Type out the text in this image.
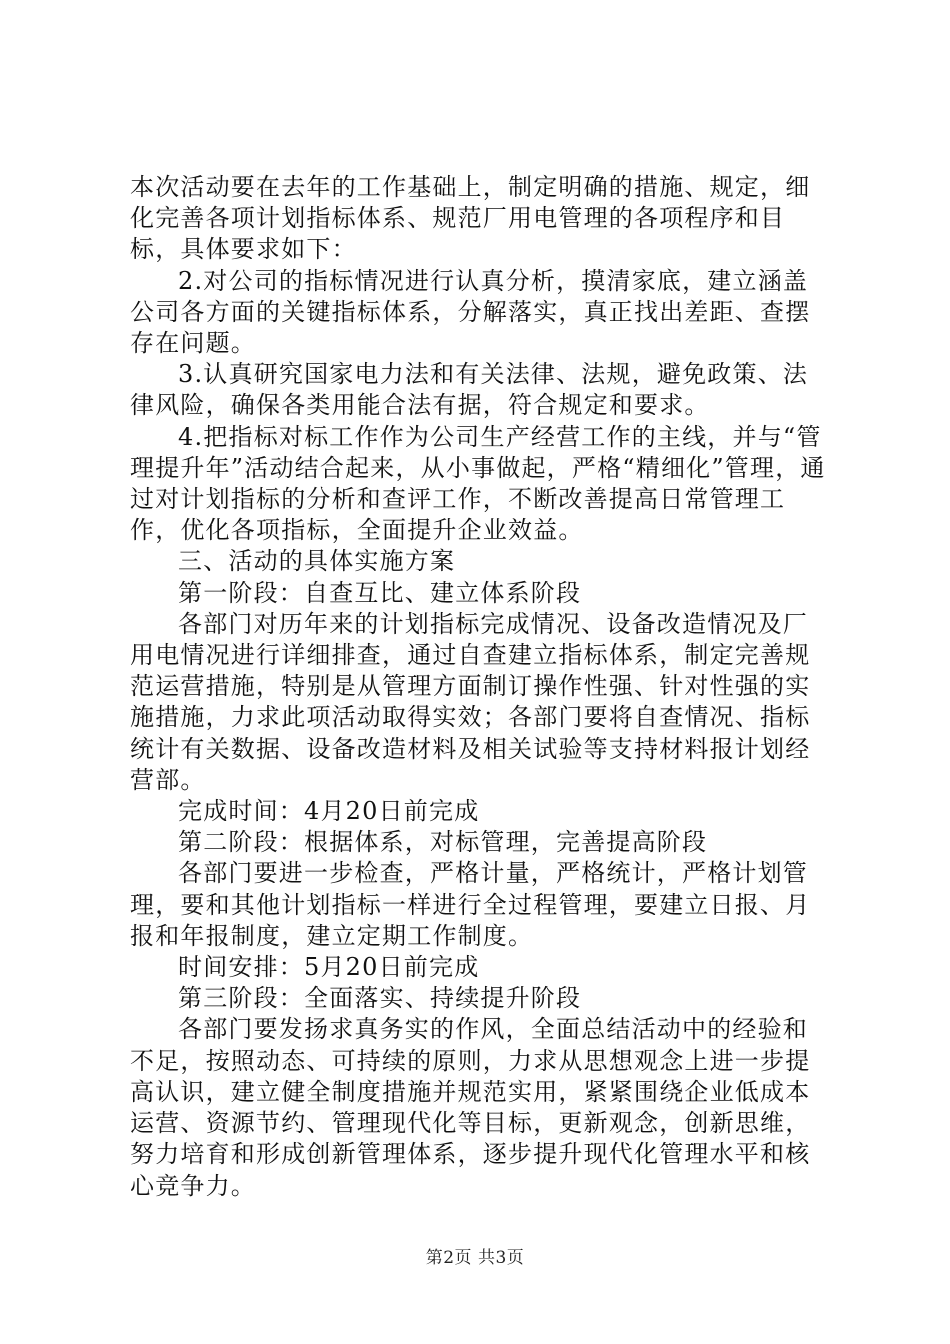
本次活动要在去年的工作基础上，制定明确的措施、规定，细化完善各项计划指标体系、规范厂用电管理的各项程序和目标，具体要求如下：

2.对公司的指标情况进行认真分析，摸清家底，建立涵盖公司各方面的关键指标体系，分解落实，真正找出差距、查摆存在问题。

3.认真研究国家电力法和有关法律、法规，避免政策、法律风险，确保各类用能合法有据，符合规定和要求。

4.把指标对标工作作为公司生产经营工作的主线，并与“管理提升年”活动结合起来，从小事做起，严格“精细化”管理，通过对计划指标的分析和查评工作，不断改善提高日常管理工作，优化各项指标，全面提升企业效益。

三、活动的具体实施方案

第一阶段：自查互比、建立体系阶段

各部门对历年来的计划指标完成情况、设备改造情况及厂用电情况进行详细排查，通过自查建立指标体系，制定完善规范运营措施，特别是从管理方面制订操作性强、针对性强的实施措施，力求此项活动取得实效；各部门要将自查情况、指标统计有关数据、设备改造材料及相关试验等支持材料报计划经营部。

完成时间：4月20日前完成

第二阶段：根据体系，对标管理，完善提高阶段

各部门要进一步检查，严格计量，严格统计，严格计划管理，要和其他计划指标一样进行全过程管理，要建立日报、月报和年报制度，建立定期工作制度。

时间安排：5月20日前完成

第三阶段：全面落实、持续提升阶段

各部门要发扬求真务实的作风，全面总结活动中的经验和不足，按照动态、可持续的原则，力求从思想观念上进一步提高认识，建立健全制度措施并规范实用，紧紧围绕企业低成本运营、资源节约、管理现代化等目标，更新观念，创新思维，努力培育和形成创新管理体系，逐步提升现代化管理水平和核心竞争力。

第2页 共3页
